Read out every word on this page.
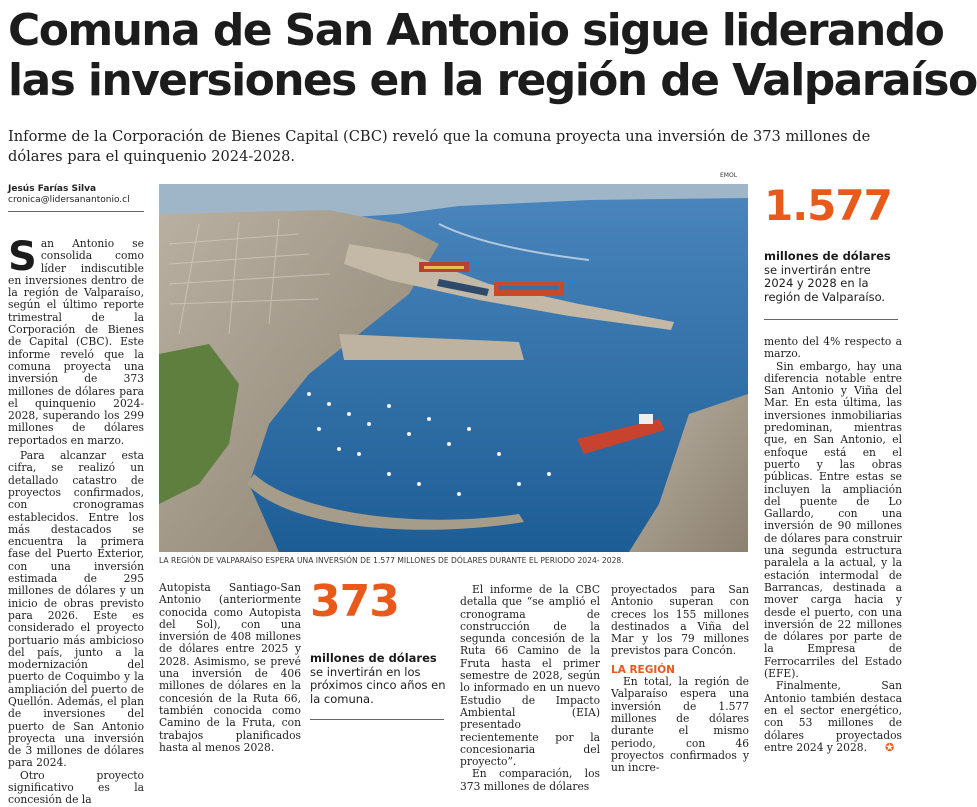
Comuna de San Antonio sigue liderando
las inversiones en la región de Valparaíso
Informe de la Corporación de Bienes Capital (CBC) reveló que la comuna proyecta una inversión de 373 millones de dólares para el quinquenio 2024-2028.
Jesús Farías Silva
cronica@lidersanantonio.cl

San Antonio se consolida como líder indiscutible en inversiones dentro de la región de Valparaíso, según el último reporte trimestral de la Corporación de Bienes de Capital (CBC). Este informe reveló que la comuna proyecta una inversión de 373 millones de dólares para el quinquenio 2024-2028, superando los 299 millones de dólares reportados en marzo.

Para alcanzar esta cifra, se realizó un detallado catastro de proyectos confirmados, con cronogramas establecidos. Entre los más destacados se encuentra la primera fase del Puerto Exterior, con una inversión estimada de 295 millones de dólares y un inicio de obras previsto para 2026. Este es considerado el proyecto portuario más ambicioso del país, junto a la modernización del puerto de Coquimbo y la ampliación del puerto de Quellón. Además, el plan de inversiones del puerto de San Antonio proyecta una inversión de 3 millones de dólares para 2024.

Otro proyecto significativo es la concesión de la

EMOL
LA REGIÓN DE VALPARAÍSO ESPERA UNA INVERSIÓN DE 1.577 MILLONES DE DÓLARES DURANTE EL PERIODO 2024- 2028.

Autopista Santiago-San Antonio (anteriormente conocida como Autopista del Sol), con una inversión de 408 millones de dólares entre 2025 y 2028. Asimismo, se prevé una inversión de 406 millones de dólares en la concesión de la Ruta 66, también conocida como Camino de la Fruta, con trabajos planificados hasta al menos 2028.

373
millones de dólares se invertirán en los próximos cinco años en la comuna.

El informe de la CBC detalla que “se amplió el cronograma de construcción de la segunda concesión de la Ruta 66 Camino de la Fruta hasta el primer semestre de 2028, según lo informado en un nuevo Estudio de Impacto Ambiental (EIA) presentado recientemente por la concesionaria del proyecto”.

En comparación, los 373 millones de dólares

proyectados para San Antonio superan con creces los 155 millones destinados a Viña del Mar y los 79 millones previstos para Concón.

LA REGIÓN

En total, la región de Valparaíso espera una inversión de 1.577 millones de dólares durante el mismo periodo, con 46 proyectos confirmados y un incre-

1.577
millones de dólares se invertirán entre 2024 y 2028 en la región de Valparaíso.

mento del 4% respecto a marzo.

Sin embargo, hay una diferencia notable entre San Antonio y Viña del Mar. En esta última, las inversiones inmobiliarias predominan, mientras que, en San Antonio, el enfoque está en el puerto y las obras públicas. Entre estas se incluyen la ampliación del puente de Lo Gallardo, con una inversión de 90 millones de dólares para construir una segunda estructura paralela a la actual, y la estación intermodal de Barrancas, destinada a mover carga hacia y desde el puerto, con una inversión de 22 millones de dólares por parte de la Empresa de Ferrocarriles del Estado (EFE).

Finalmente, San Antonio también destaca en el sector energético, con 53 millones de dólares proyectados entre 2024 y 2028. ✪
